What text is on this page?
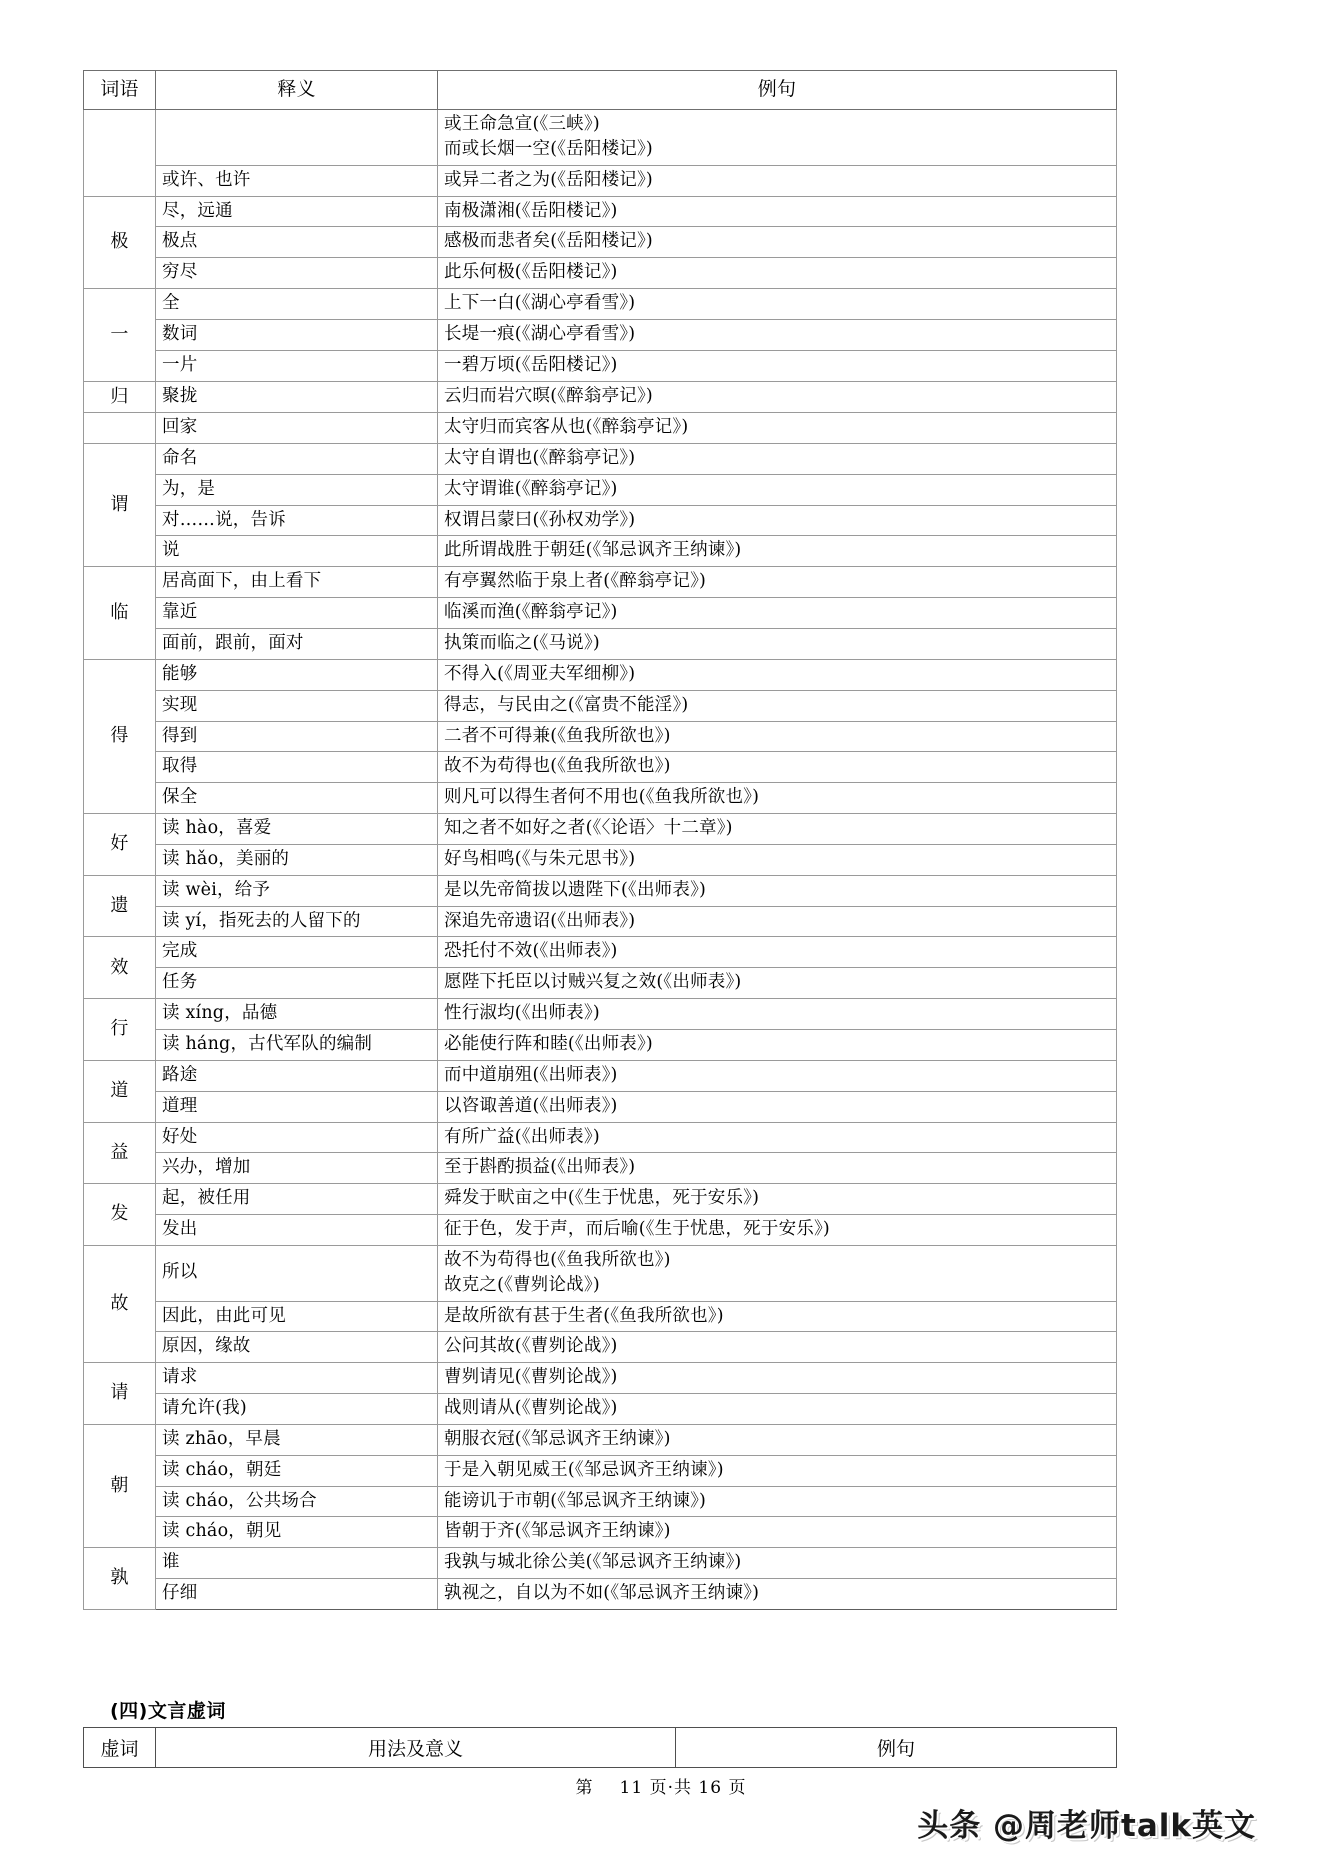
词语	释义	例句

		或王命急宣(《三峡》)
而或长烟一空(《岳阳楼记》)

	或许、也许	或异二者之为(《岳阳楼记》)

极	尽，远通	南极潇湘(《岳阳楼记》)

	极点	感极而悲者矣(《岳阳楼记》)

	穷尽	此乐何极(《岳阳楼记》)

一	全	上下一白(《湖心亭看雪》)

	数词	长堤一痕(《湖心亭看雪》)

	一片	一碧万顷(《岳阳楼记》)

归	聚拢	云归而岩穴暝(《醉翁亭记》)

	回家	太守归而宾客从也(《醉翁亭记》)

谓	命名	太守自谓也(《醉翁亭记》)

	为，是	太守谓谁(《醉翁亭记》)

	对……说，告诉	权谓吕蒙曰(《孙权劝学》)

	说	此所谓战胜于朝廷(《邹忌讽齐王纳谏》)

临	居高面下，由上看下	有亭翼然临于泉上者(《醉翁亭记》)

	靠近	临溪而渔(《醉翁亭记》)

	面前，跟前，面对	执策而临之(《马说》)

得	能够	不得入(《周亚夫军细柳》)

	实现	得志，与民由之(《富贵不能淫》)

	得到	二者不可得兼(《鱼我所欲也》)

	取得	故不为苟得也(《鱼我所欲也》)

	保全	则凡可以得生者何不用也(《鱼我所欲也》)

好	读 hào，喜爱	知之者不如好之者(《〈论语〉十二章》)

	读 hǎo，美丽的	好鸟相鸣(《与朱元思书》)

遗	读 wèi，给予	是以先帝简拔以遗陛下(《出师表》)

	读 yí，指死去的人留下的	深追先帝遗诏(《出师表》)

效	完成	恐托付不效(《出师表》)

	任务	愿陛下托臣以讨贼兴复之效(《出师表》)

行	读 xíng，品德	性行淑均(《出师表》)

	读 háng，古代军队的编制	必能使行阵和睦(《出师表》)

道	路途	而中道崩殂(《出师表》)

	道理	以咨诹善道(《出师表》)

益	好处	有所广益(《出师表》)

	兴办，增加	至于斟酌损益(《出师表》)

发	起，被任用	舜发于畎亩之中(《生于忧患，死于安乐》)

	发出	征于色，发于声，而后喻(《生于忧患，死于安乐》)

故	所以	故不为苟得也(《鱼我所欲也》)
故克之(《曹刿论战》)

	因此，由此可见	是故所欲有甚于生者(《鱼我所欲也》)

	原因，缘故	公问其故(《曹刿论战》)

请	请求	曹刿请见(《曹刿论战》)

	请允许(我)	战则请从(《曹刿论战》)

朝	读 zhāo，早晨	朝服衣冠(《邹忌讽齐王纳谏》)

	读 cháo，朝廷	于是入朝见威王(《邹忌讽齐王纳谏》)

	读 cháo，公共场合	能谤讥于市朝(《邹忌讽齐王纳谏》)

	读 cháo，朝见	皆朝于齐(《邹忌讽齐王纳谏》)

孰	谁	我孰与城北徐公美(《邹忌讽齐王纳谏》)

	仔细	孰视之，自以为不如(《邹忌讽齐王纳谏》)
(四)文言虚词
虚词	用法及意义	例句
第 11 页·共 16 页
头条 @周老师talk英文
